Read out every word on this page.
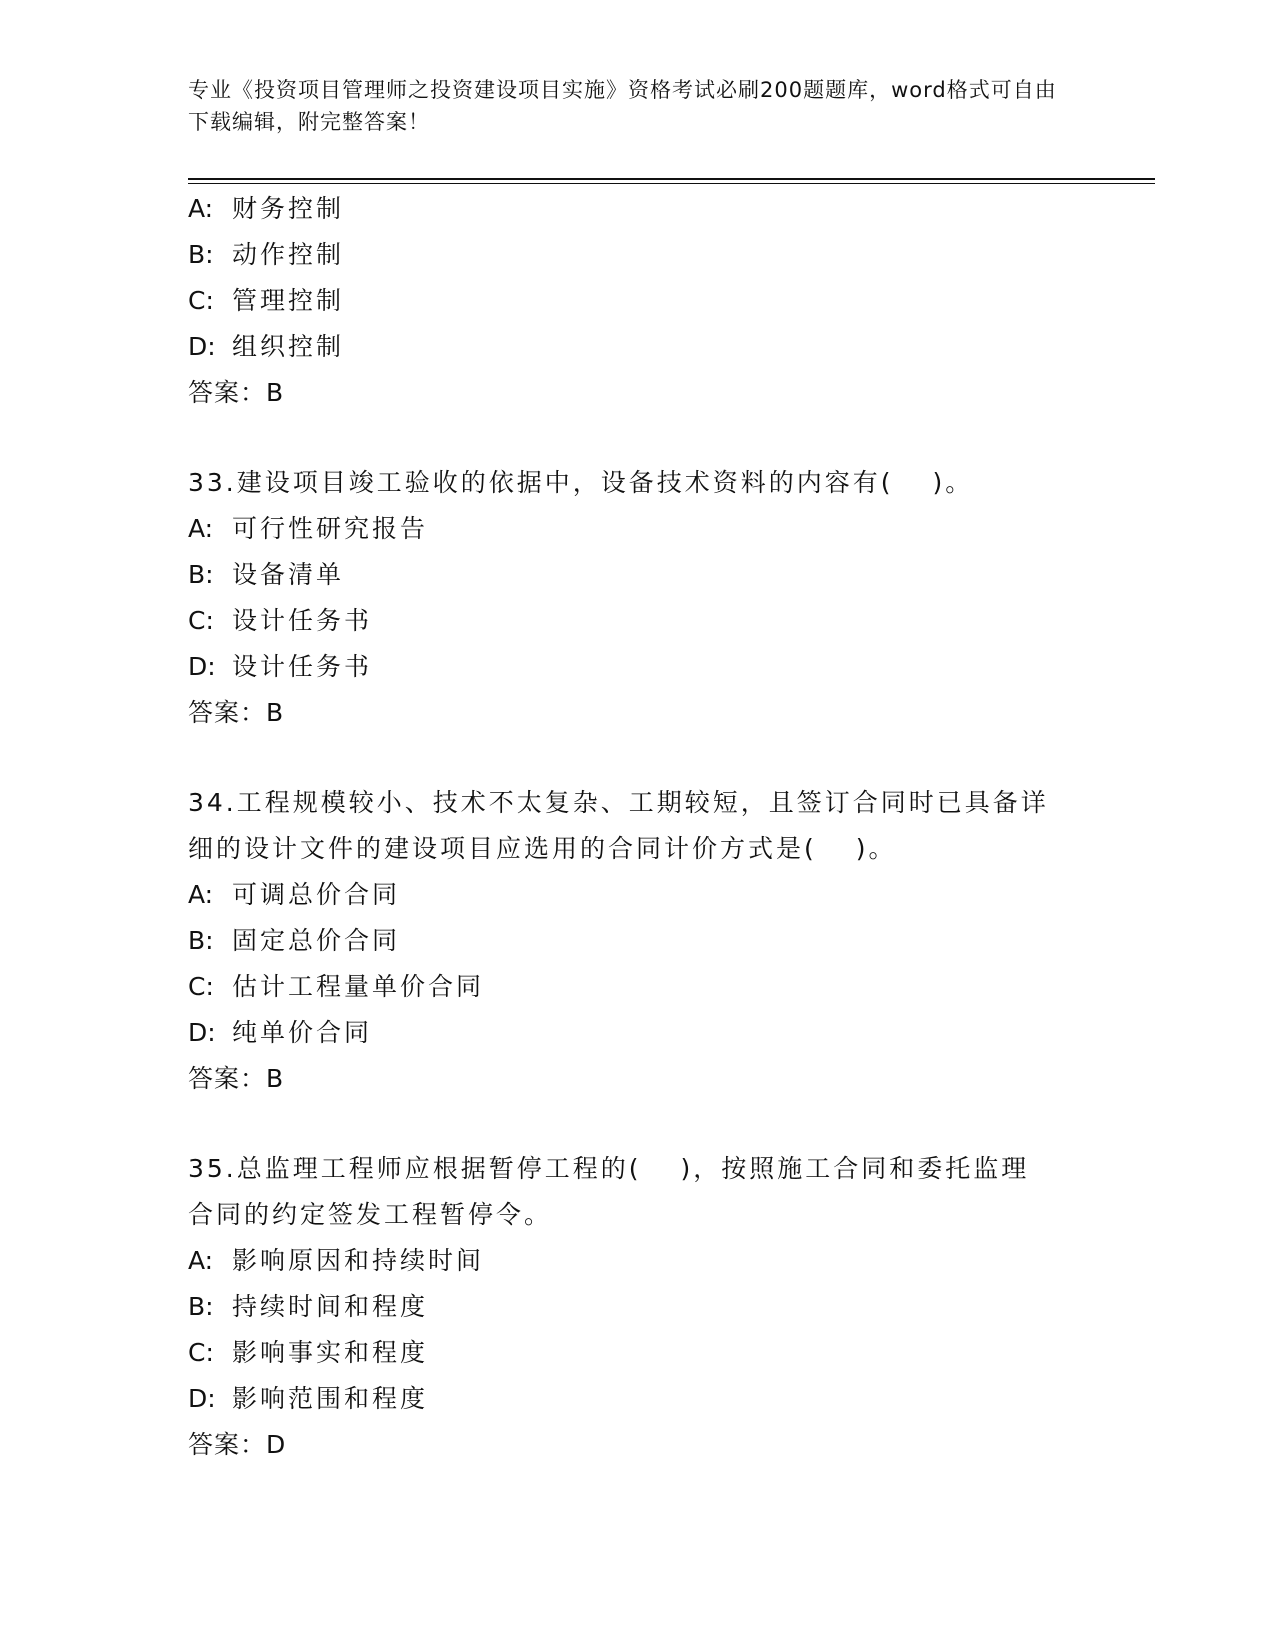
专业《投资项目管理师之投资建设项目实施》资格考试必刷200题题库，word格式可自由下载编辑，附完整答案！
A: 财务控制
B: 动作控制
C: 管理控制
D: 组织控制
答案：B
33.建设项目竣工验收的依据中，设备技术资料的内容有(　 )。
A: 可行性研究报告
B: 设备清单
C: 设计任务书
D: 设计任务书
答案：B
34.工程规模较小、技术不太复杂、工期较短，且签订合同时已具备详
细的设计文件的建设项目应选用的合同计价方式是(　 )。
A: 可调总价合同
B: 固定总价合同
C: 估计工程量单价合同
D: 纯单价合同
答案：B
35.总监理工程师应根据暂停工程的(　 )，按照施工合同和委托监理
合同的约定签发工程暂停令。
A: 影响原因和持续时间
B: 持续时间和程度
C: 影响事实和程度
D: 影响范围和程度
答案：D
